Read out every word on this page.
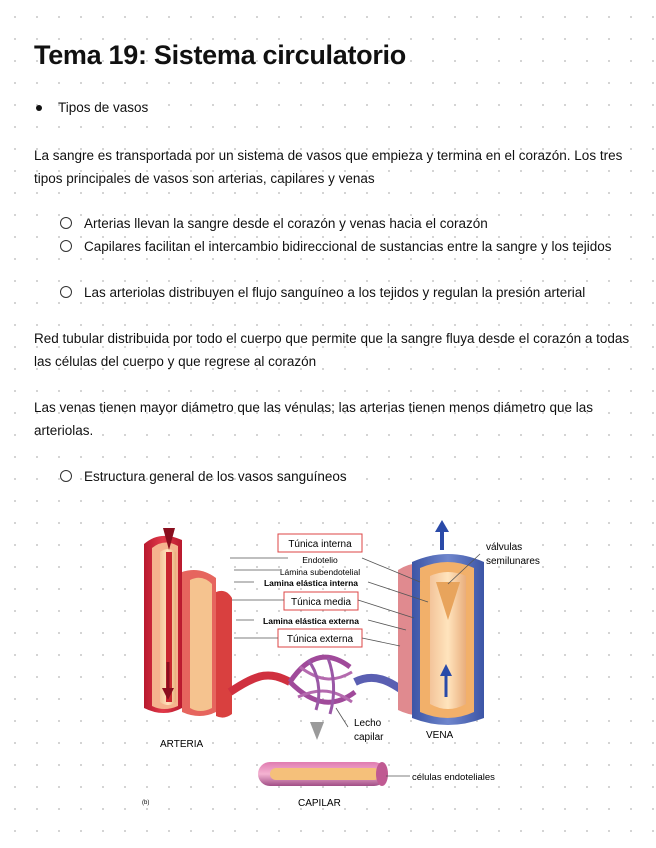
Tema 19: Sistema circulatorio
Tipos de vasos

La sangre es transportada por un sistema de vasos que empieza y termina en el corazón. Los tres tipos principales de vasos son arterias, capilares y venas

Arterias llevan la sangre desde el corazón y venas hacia el corazón
Capilares facilitan el intercambio bidireccional de sustancias entre la sangre y los tejidos
Las arteriolas distribuyen el flujo sanguíneo a los tejidos y regulan la presión arterial

Red tubular distribuida por todo el cuerpo que permite que la sangre fluya desde el corazón a todas las células del cuerpo y que regrese al corazón

Las venas tienen mayor diámetro que las vénulas; las arterias tienen menos diámetro que las arteriolas.

Estructura general de los vasos sanguíneos
Túnica interna
Endotelio
Lámina subendotelial
Lamina elástica interna
Túnica media
Lamina elástica externa
Túnica externa
válvulas
semilunares
ARTERIA
VENA
Lecho
capilar
CAPILAR
células endoteliales
(b)
